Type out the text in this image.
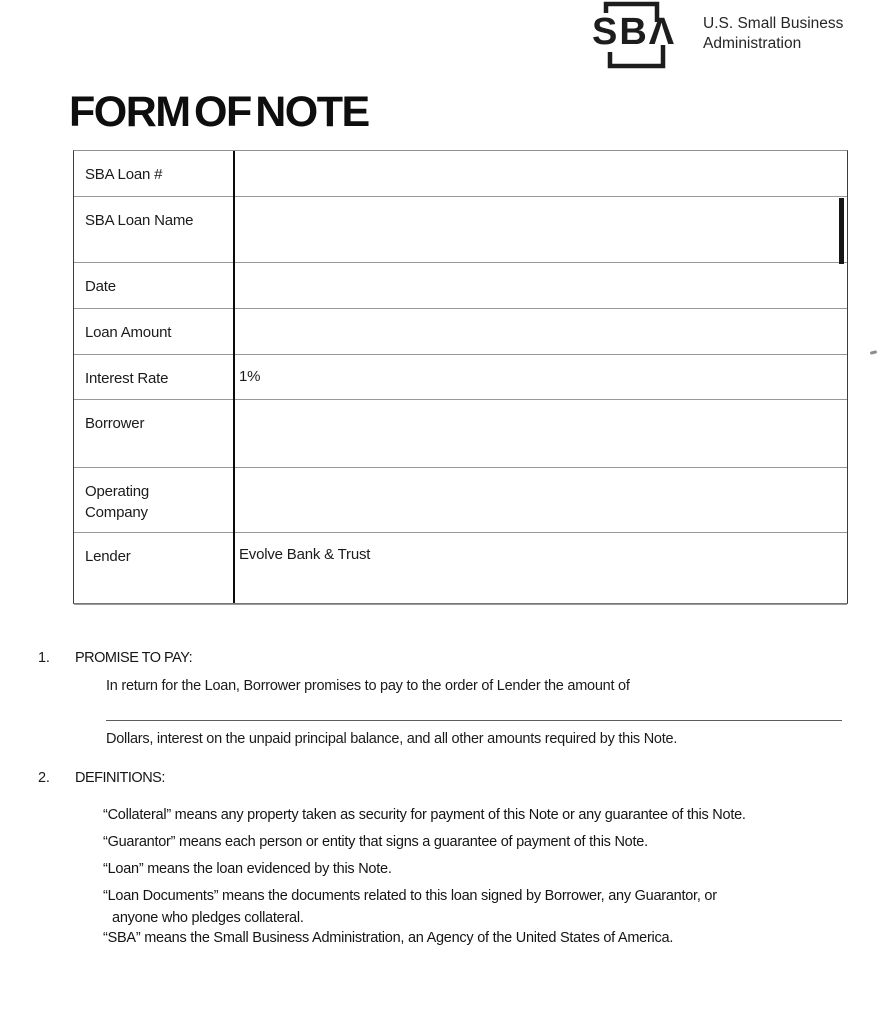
SBΛ U.S. Small Business
Administration
FORM OF NOTE
SBA Loan #
SBA Loan Name
Date
Loan Amount
Interest Rate	1%
Borrower
Operating Company
Lender	Evolve Bank & Trust
1. PROMISE TO PAY:
In return for the Loan, Borrower promises to pay to the order of Lender the amount of
Dollars, interest on the unpaid principal balance, and all other amounts required by this Note.
2. DEFINITIONS:
“Collateral” means any property taken as security for payment of this Note or any guarantee of this Note.
“Guarantor” means each person or entity that signs a guarantee of payment of this Note.
“Loan” means the loan evidenced by this Note.
“Loan Documents” means the documents related to this loan signed by Borrower, any Guarantor, or
anyone who pledges collateral.
“SBA” means the Small Business Administration, an Agency of the United States of America.
